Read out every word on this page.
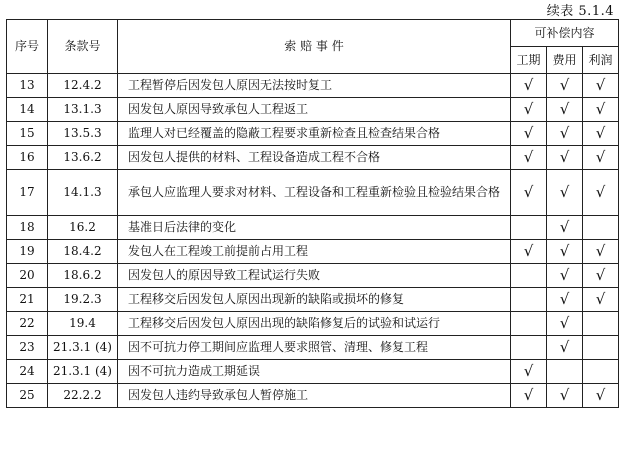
续表 5.1.4
序号	条款号	索 赔 事 件	可补偿内容		
			工期	费用	利润
13	12.4.2	工程暂停后因发包人原因无法按时复工	√	√	√
14	13.1.3	因发包人原因导致承包人工程返工	√	√	√
15	13.5.3	监理人对已经覆盖的隐蔽工程要求重新检查且检查结果合格	√	√	√
16	13.6.2	因发包人提供的材料、工程设备造成工程不合格	√	√	√
17	14.1.3	承包人应监理人要求对材料、工程设备和工程重新检验且检验结果合格	√	√	√
18	16.2	基准日后法律的变化		√	
19	18.4.2	发包人在工程竣工前提前占用工程	√	√	√
20	18.6.2	因发包人的原因导致工程试运行失败		√	√
21	19.2.3	工程移交后因发包人原因出现新的缺陷或损坏的修复		√	√
22	19.4	工程移交后因发包人原因出现的缺陷修复后的试验和试运行		√	
23	21.3.1 (4)	因不可抗力停工期间应监理人要求照管、清理、修复工程		√	
24	21.3.1 (4)	因不可抗力造成工期延误	√		
25	22.2.2	因发包人违约导致承包人暂停施工	√	√	√
